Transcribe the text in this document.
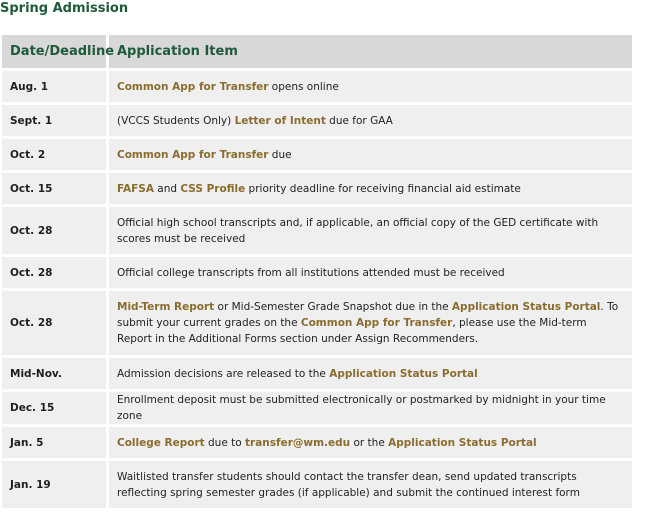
Spring Admission
Date/Deadline	Application Item
Aug. 1	Common App for Transfer opens online
Sept. 1	(VCCS Students Only) Letter of Intent due for GAA
Oct. 2	Common App for Transfer due
Oct. 15	FAFSA and CSS Profile priority deadline for receiving financial aid estimate
Oct. 28	Official high school transcripts and, if applicable, an official copy of the GED certificate with scores must be received
Oct. 28	Official college transcripts from all institutions attended must be received
Oct. 28	Mid-Term Report or Mid-Semester Grade Snapshot due in the Application Status Portal. To submit your current grades on the Common App for Transfer, please use the Mid-term Report in the Additional Forms section under Assign Recommenders.
Mid-Nov.	Admission decisions are released to the Application Status Portal
Dec. 15	Enrollment deposit must be submitted electronically or postmarked by midnight in your time zone
Jan. 5	College Report due to transfer@wm.edu or the Application Status Portal
Jan. 19	Waitlisted transfer students should contact the transfer dean, send updated transcripts reflecting spring semester grades (if applicable) and submit the continued interest form
